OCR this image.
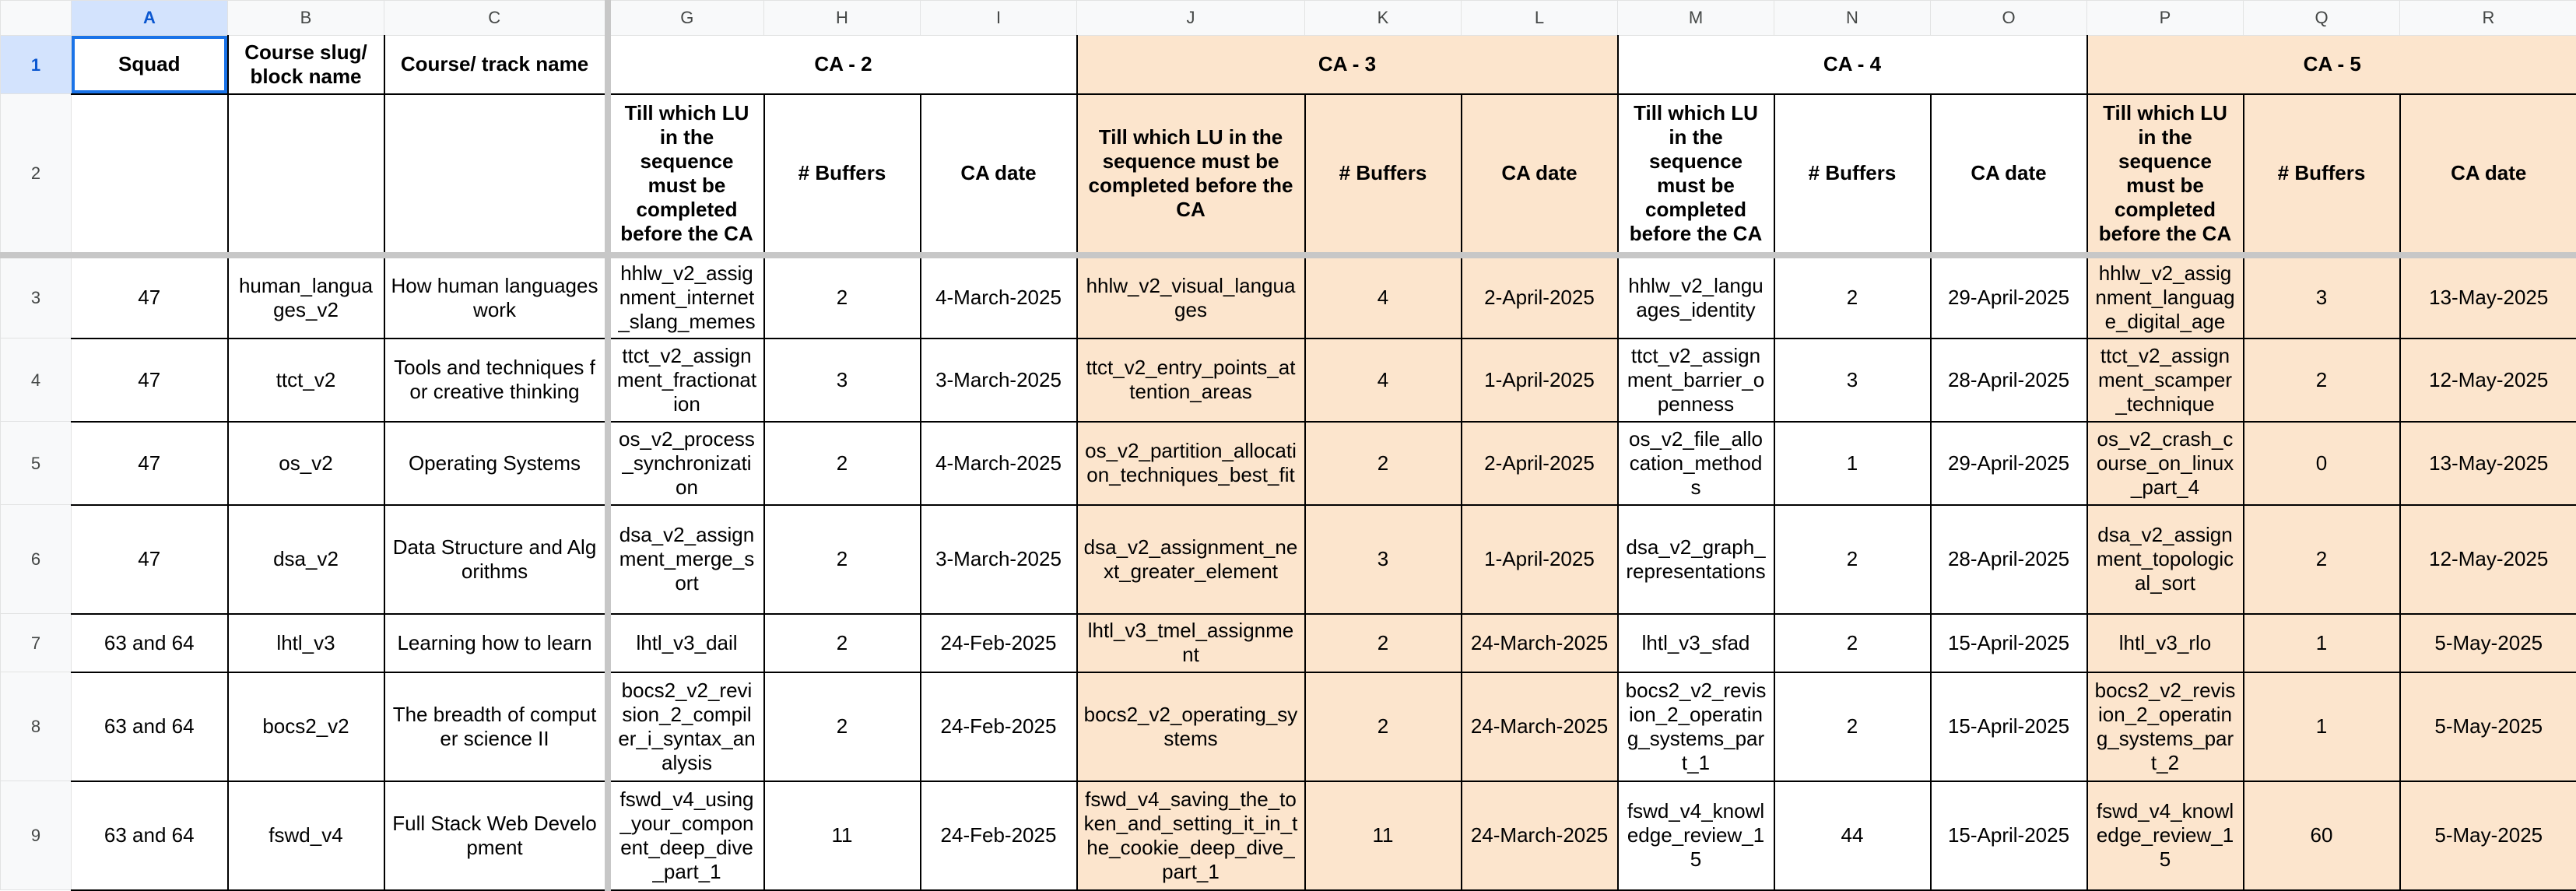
	A	B	C	G	H	I	J	K	L	M	N	O	P	Q	R
1	Squad	Course slug/ block name	Course/ track name	CA - 2			CA - 3			CA - 4			CA - 5		
2				Till which LU in the sequence must be completed before the CA	# Buffers	CA date	Till which LU in the sequence must be completed before the CA	# Buffers	CA date	Till which LU in the sequence must be completed before the CA	# Buffers	CA date	Till which LU in the sequence must be completed before the CA	# Buffers	CA date
3	47	human_languages_v2	How human languages work	hhlw_v2_assignment_internet_slang_memes	2	4-March-2025	hhlw_v2_visual_languages	4	2-April-2025	hhlw_v2_languages_identity	2	29-April-2025	hhlw_v2_assignment_language_digital_age	3	13-May-2025
4	47	ttct_v2	Tools and techniques for creative thinking	ttct_v2_assignment_fractionation	3	3-March-2025	ttct_v2_entry_points_attention_areas	4	1-April-2025	ttct_v2_assignment_barrier_openness	3	28-April-2025	ttct_v2_assignment_scamper_technique	2	12-May-2025
5	47	os_v2	Operating Systems	os_v2_process_synchronization	2	4-March-2025	os_v2_partition_allocation_techniques_best_fit	2	2-April-2025	os_v2_file_allocation_methods	1	29-April-2025	os_v2_crash_course_on_linux_part_4	0	13-May-2025
6	47	dsa_v2	Data Structure and Algorithms	dsa_v2_assignment_merge_sort	2	3-March-2025	dsa_v2_assignment_next_greater_element	3	1-April-2025	dsa_v2_graph_representations	2	28-April-2025	dsa_v2_assignment_topological_sort	2	12-May-2025
7	63 and 64	lhtl_v3	Learning how to learn	lhtl_v3_dail	2	24-Feb-2025	lhtl_v3_tmel_assignment	2	24-March-2025	lhtl_v3_sfad	2	15-April-2025	lhtl_v3_rlo	1	5-May-2025
8	63 and 64	bocs2_v2	The breadth of computer science II	bocs2_v2_revision_2_compiler_i_syntax_analysis	2	24-Feb-2025	bocs2_v2_operating_systems	2	24-March-2025	bocs2_v2_revision_2_operating_systems_part_1	2	15-April-2025	bocs2_v2_revision_2_operating_systems_part_2	1	5-May-2025
9	63 and 64	fswd_v4	Full Stack Web Development	fswd_v4_using_your_component_deep_dive_part_1	11	24-Feb-2025	fswd_v4_saving_the_token_and_setting_it_in_the_cookie_deep_dive_part_1	11	24-March-2025	fswd_v4_knowledge_review_15	44	15-April-2025	fswd_v4_knowledge_review_15	60	5-May-2025
